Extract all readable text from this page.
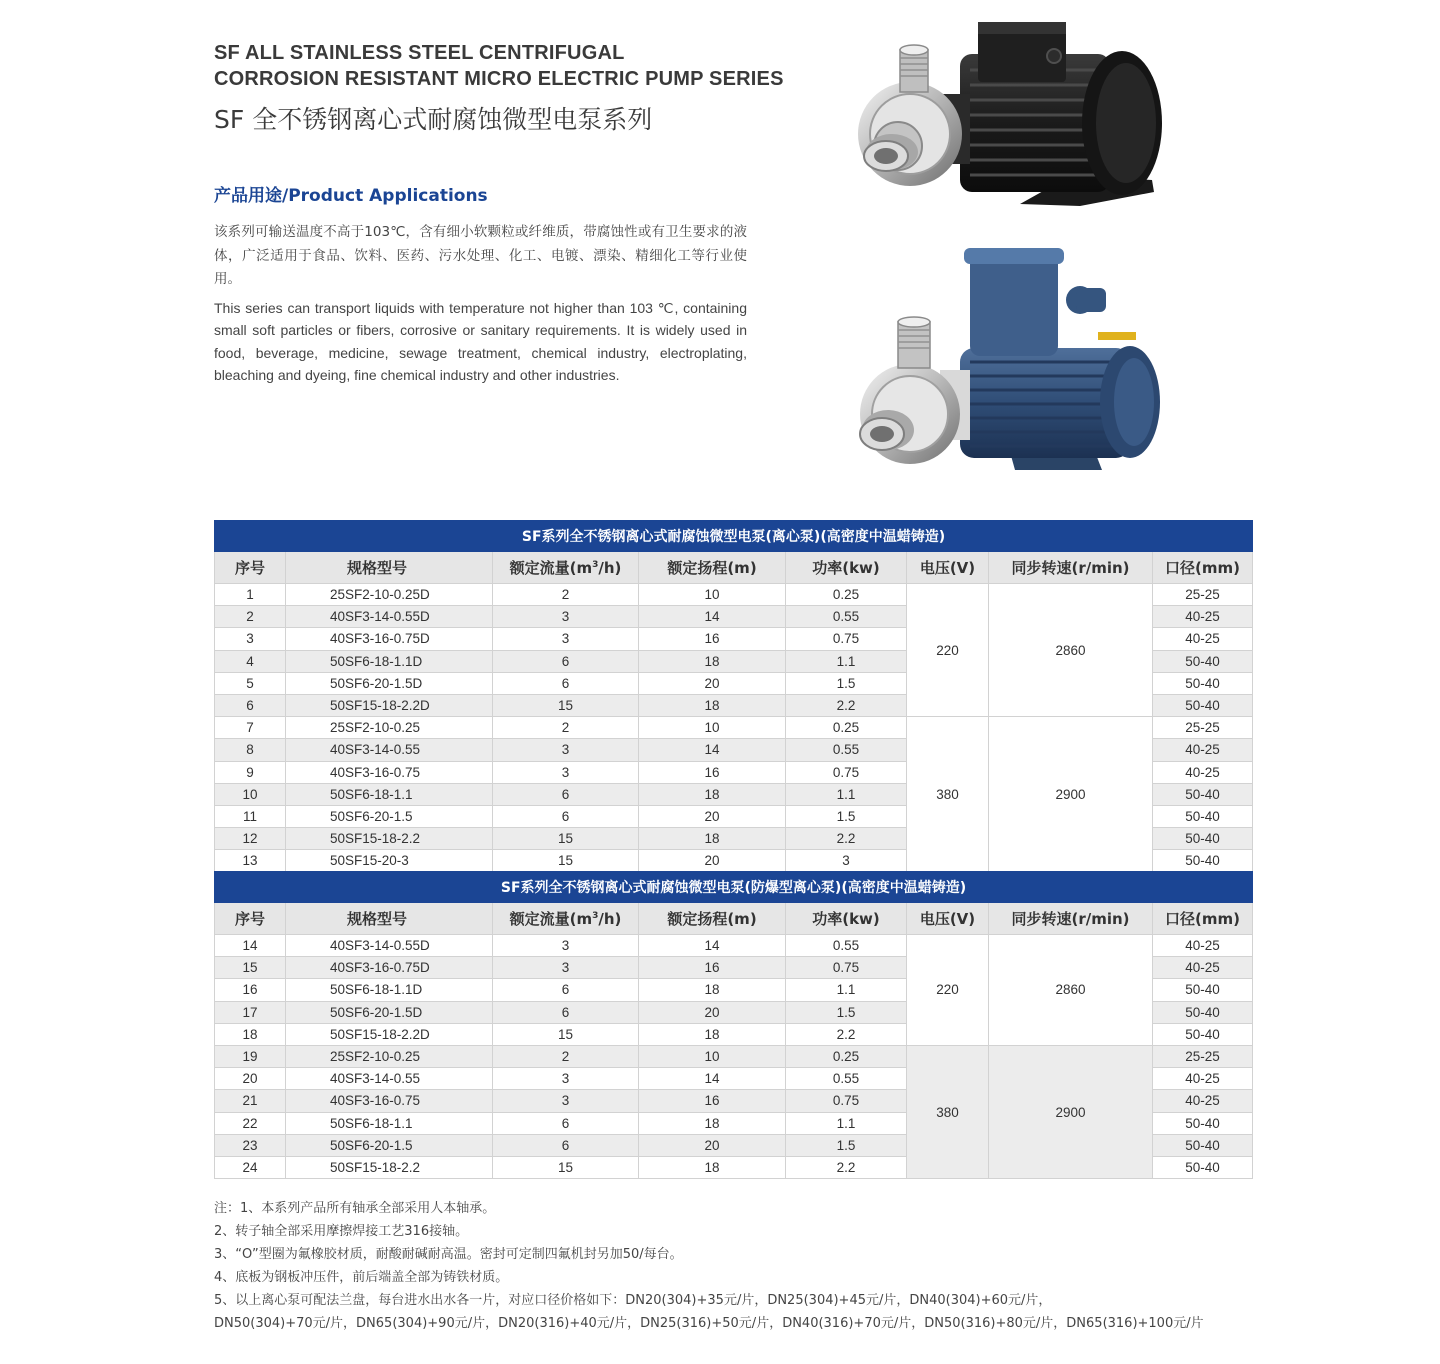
SF ALL STAINLESS STEEL CENTRIFUGAL
CORROSION RESISTANT MICRO ELECTRIC PUMP SERIES
SF 全不锈钢离心式耐腐蚀微型电泵系列
产品用途/Product Applications

该系列可输送温度不高于103℃，含有细小软颗粒或纤维质，带腐蚀性或有卫生要求的液体，广泛适用于食品、饮料、医药、污水处理、化工、电镀、漂染、精细化工等行业使用。

This series can transport liquids with temperature not higher than 103 ℃, containing small soft particles or fibers, corrosive or sanitary requirements. It is widely used in food, beverage, medicine, sewage treatment, chemical industry, electroplating, bleaching and dyeing, fine chemical industry and other industries.

SF系列全不锈钢离心式耐腐蚀微型电泵(离心泵)(高密度中温蜡铸造)							
序号	规格型号	额定流量$(m^3/h)$	额定扬程(m)	功率(kw)	电压(V)	同步转速(r/min)	口径(mm)
1	25SF2-10-0.25D	2	10	0.25	220	2860	25-25
2	40SF3-14-0.55D	3	14	0.55			40-25
3	40SF3-16-0.75D	3	16	0.75			40-25
4	50SF6-18-1.1D	6	18	1.1			50-40
5	50SF6-20-1.5D	6	20	1.5			50-40
6	50SF15-18-2.2D	15	18	2.2			50-40
7	25SF2-10-0.25	2	10	0.25	380	2900	25-25
8	40SF3-14-0.55	3	14	0.55			40-25
9	40SF3-16-0.75	3	16	0.75			40-25
10	50SF6-18-1.1	6	18	1.1			50-40
11	50SF6-20-1.5	6	20	1.5			50-40
12	50SF15-18-2.2	15	18	2.2			50-40
13	50SF15-20-3	15	20	3			50-40
SF系列全不锈钢离心式耐腐蚀微型电泵(防爆型离心泵)(高密度中温蜡铸造)							
序号	规格型号	额定流量$(m^3/h)$	额定扬程(m)	功率(kw)	电压(V)	同步转速(r/min)	口径(mm)
14	40SF3-14-0.55D	3	14	0.55	220	2860	40-25
15	40SF3-16-0.75D	3	16	0.75			40-25
16	50SF6-18-1.1D	6	18	1.1			50-40
17	50SF6-20-1.5D	6	20	1.5			50-40
18	50SF15-18-2.2D	15	18	2.2			50-40
19	25SF2-10-0.25	2	10	0.25	380	2900	25-25
20	40SF3-14-0.55	3	14	0.55			40-25
21	40SF3-16-0.75	3	16	0.75			40-25
22	50SF6-18-1.1	6	18	1.1			50-40
23	50SF6-20-1.5	6	20	1.5			50-40
24	50SF15-18-2.2	15	18	2.2			50-40
注：1、本系列产品所有轴承全部采用人本轴承。
2、转子轴全部采用摩擦焊接工艺316接轴。
3、“O”型圈为氟橡胶材质，耐酸耐碱耐高温。密封可定制四氟机封另加50/每台。
4、底板为钢板冲压件，前后端盖全部为铸铁材质。
5、以上离心泵可配法兰盘，每台进水出水各一片，对应口径价格如下：DN20(304)+35元/片，DN25(304)+45元/片，DN40(304)+60元/片，
DN50(304)+70元/片，DN65(304)+90元/片，DN20(316)+40元/片，DN25(316)+50元/片，DN40(316)+70元/片，DN50(316)+80元/片，DN65(316)+100元/片
